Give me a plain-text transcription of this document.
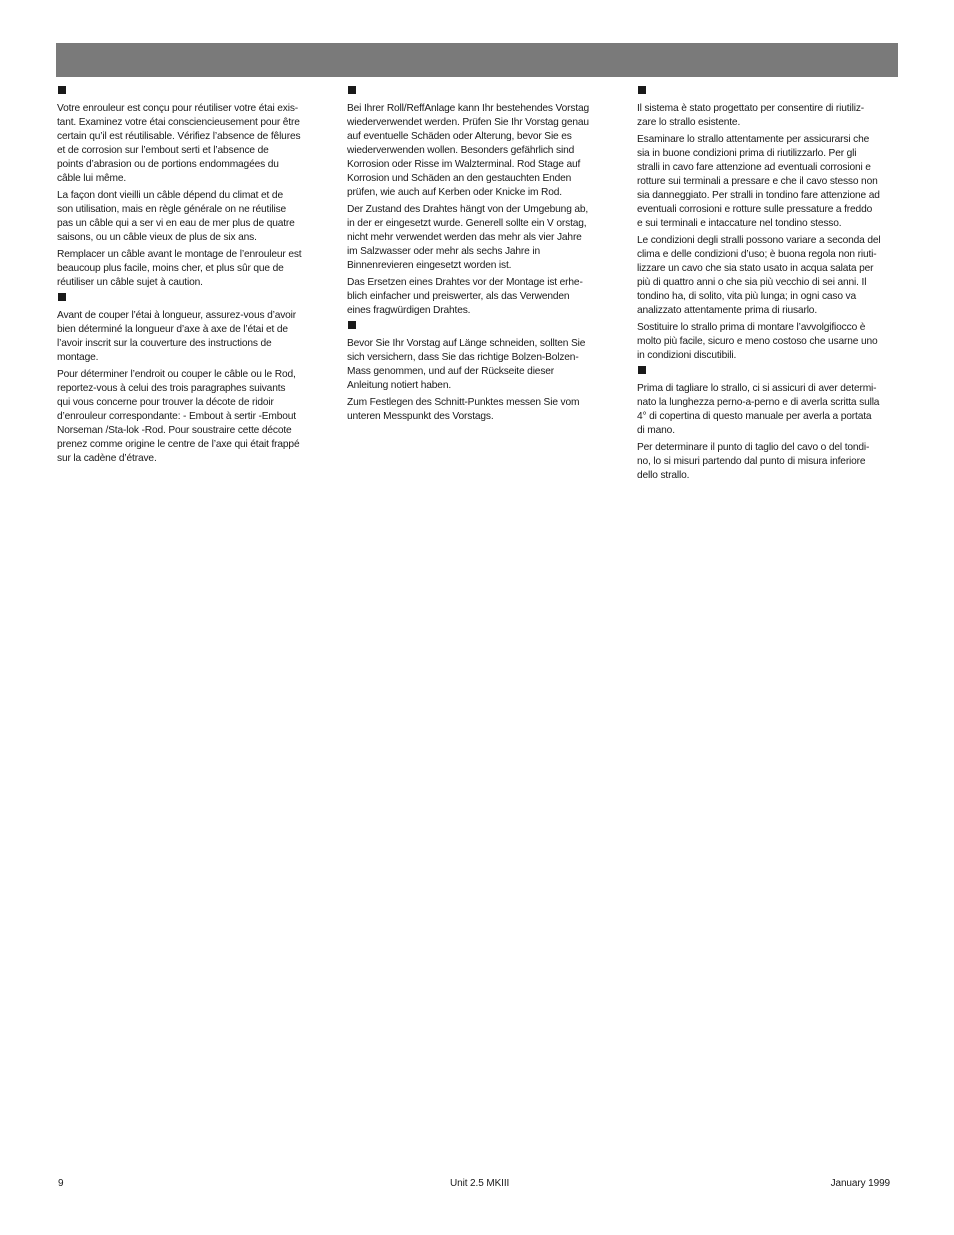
Votre enrouleur est conçu pour réutiliser votre étai exis-
tant. Examinez votre étai consciencieusement pour être
certain qu’il est réutilisable. Vérifiez l’absence de fêlures
et de corrosion sur l’embout serti et l’absence de
points d’abrasion ou de portions endommagées du
câble lui même.

La façon dont vieilli un câble dépend du climat et de
son utilisation, mais en règle générale on ne réutilise
pas un câble qui a ser vi en eau de mer plus de quatre
saisons, ou un câble vieux de plus de six ans.

Remplacer un câble avant le montage de l’enrouleur est
beaucoup plus facile, moins cher, et plus sûr que de
réutiliser un câble sujet à caution.

Avant de couper l’étai à longueur, assurez-vous d’avoir
bien déterminé la longueur d’axe à axe de l’étai et de
l’avoir inscrit sur la couverture des instructions de
montage.

Pour déterminer l’endroit ou couper le câble ou le Rod,
reportez-vous à celui des trois paragraphes suivants
qui vous concerne pour trouver la décote de ridoir
d’enrouleur correspondante: - Embout à sertir -Embout
Norseman /Sta-lok -Rod. Pour soustraire cette décote
prenez comme origine le centre de l’axe qui était frappé
sur la cadène d’étrave.

Bei Ihrer Roll/ReffAnlage kann Ihr bestehendes Vorstag
wiederverwendet werden. Prüfen Sie Ihr Vorstag genau
auf eventuelle Schäden oder Alterung, bevor Sie es
wiederverwenden wollen. Besonders gefährlich sind
Korrosion oder Risse im Walzterminal. Rod Stage auf
Korrosion und Schäden an den gestauchten Enden
prüfen, wie auch auf Kerben oder Knicke im Rod.

Der Zustand des Drahtes hängt von der Umgebung ab,
in der er eingesetzt wurde. Generell sollte ein V orstag,
nicht mehr verwendet werden das mehr als vier Jahre
im Salzwasser oder mehr als sechs Jahre in
Binnenrevieren eingesetzt worden ist.

Das Ersetzen eines Drahtes vor der Montage ist erhe-
blich einfacher und preiswerter, als das Verwenden
eines fragwürdigen Drahtes.

Bevor Sie Ihr Vorstag auf Länge schneiden, sollten Sie
sich versichern, dass Sie das richtige Bolzen-Bolzen-
Mass genommen, und auf der Rückseite dieser
Anleitung notiert haben.

Zum Festlegen des Schnitt-Punktes messen Sie vom
unteren Messpunkt des Vorstags.

Il sistema è stato progettato per consentire di riutiliz-
zare lo strallo esistente.

Esaminare lo strallo attentamente per assicurarsi che
sia in buone condizioni prima di riutilizzarlo. Per gli
stralli in cavo fare attenzione ad eventuali corrosioni e
rotture sui terminali a pressare e che il cavo stesso non
sia danneggiato. Per stralli in tondino fare attenzione ad
eventuali corrosioni e rotture sulle pressature a freddo
e sui terminali e intaccature nel tondino stesso.

Le condizioni degli stralli possono variare a seconda del
clima e delle condizioni d’uso; è buona regola non riuti-
lizzare un cavo che sia stato usato in acqua salata per
più di quattro anni o che sia più vecchio di sei anni. Il
tondino ha, di solito, vita più lunga; in ogni caso va
analizzato attentamente prima di riusarlo.

Sostituire lo strallo prima di montare l’avvolgifiocco è
molto più facile, sicuro e meno costoso che usarne uno
in condizioni discutibili.

Prima di tagliare lo strallo, ci si assicuri di aver determi-
nato la lunghezza perno-a-perno e di averla scritta sulla
4° di copertina di questo manuale per averla a portata
di mano.

Per determinare il punto di taglio del cavo o del tondi-
no, lo si misuri partendo dal punto di misura inferiore
dello strallo.

9	Unit 2.5 MKIII	January 1999
